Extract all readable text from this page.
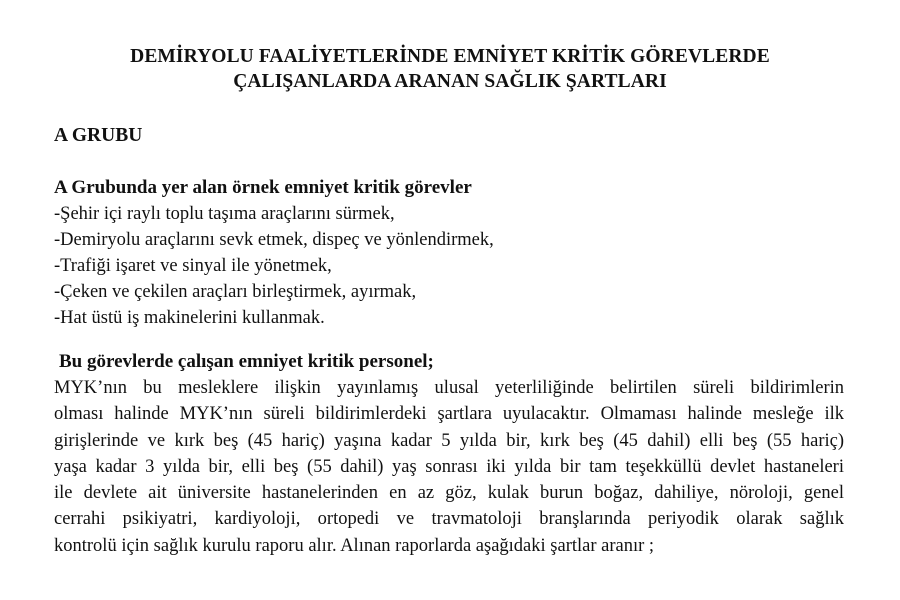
DEMİRYOLU FAALİYETLERİNDE EMNİYET KRİTİK GÖREVLERDE
ÇALIŞANLARDA ARANAN SAĞLIK ŞARTLARI
A GRUBU
A Grubunda yer alan örnek emniyet kritik görevler
-Şehir içi raylı toplu taşıma araçlarını sürmek,
-Demiryolu araçlarını sevk etmek, dispeç ve yönlendirmek,
-Trafiği işaret ve sinyal ile yönetmek,
-Çeken ve çekilen araçları birleştirmek, ayırmak,
-Hat üstü iş makinelerini kullanmak.
Bu görevlerde çalışan emniyet kritik personel;
MYK’nın bu mesleklere ilişkin yayınlamış ulusal yeterliliğinde belirtilen süreli bildirimlerin
olması halinde MYK’nın süreli bildirimlerdeki şartlara uyulacaktır. Olmaması halinde mesleğe ilk
girişlerinde ve kırk beş (45 hariç) yaşına kadar 5 yılda bir, kırk beş (45 dahil) elli beş (55 hariç)
yaşa kadar 3 yılda bir, elli beş (55 dahil) yaş sonrası iki yılda bir tam teşekküllü devlet hastaneleri
ile devlete ait üniversite hastanelerinden en az göz, kulak burun boğaz, dahiliye, nöroloji, genel
cerrahi psikiyatri, kardiyoloji, ortopedi ve travmatoloji branşlarında periyodik olarak sağlık
kontrolü için sağlık kurulu raporu alır. Alınan raporlarda aşağıdaki şartlar aranır ;
